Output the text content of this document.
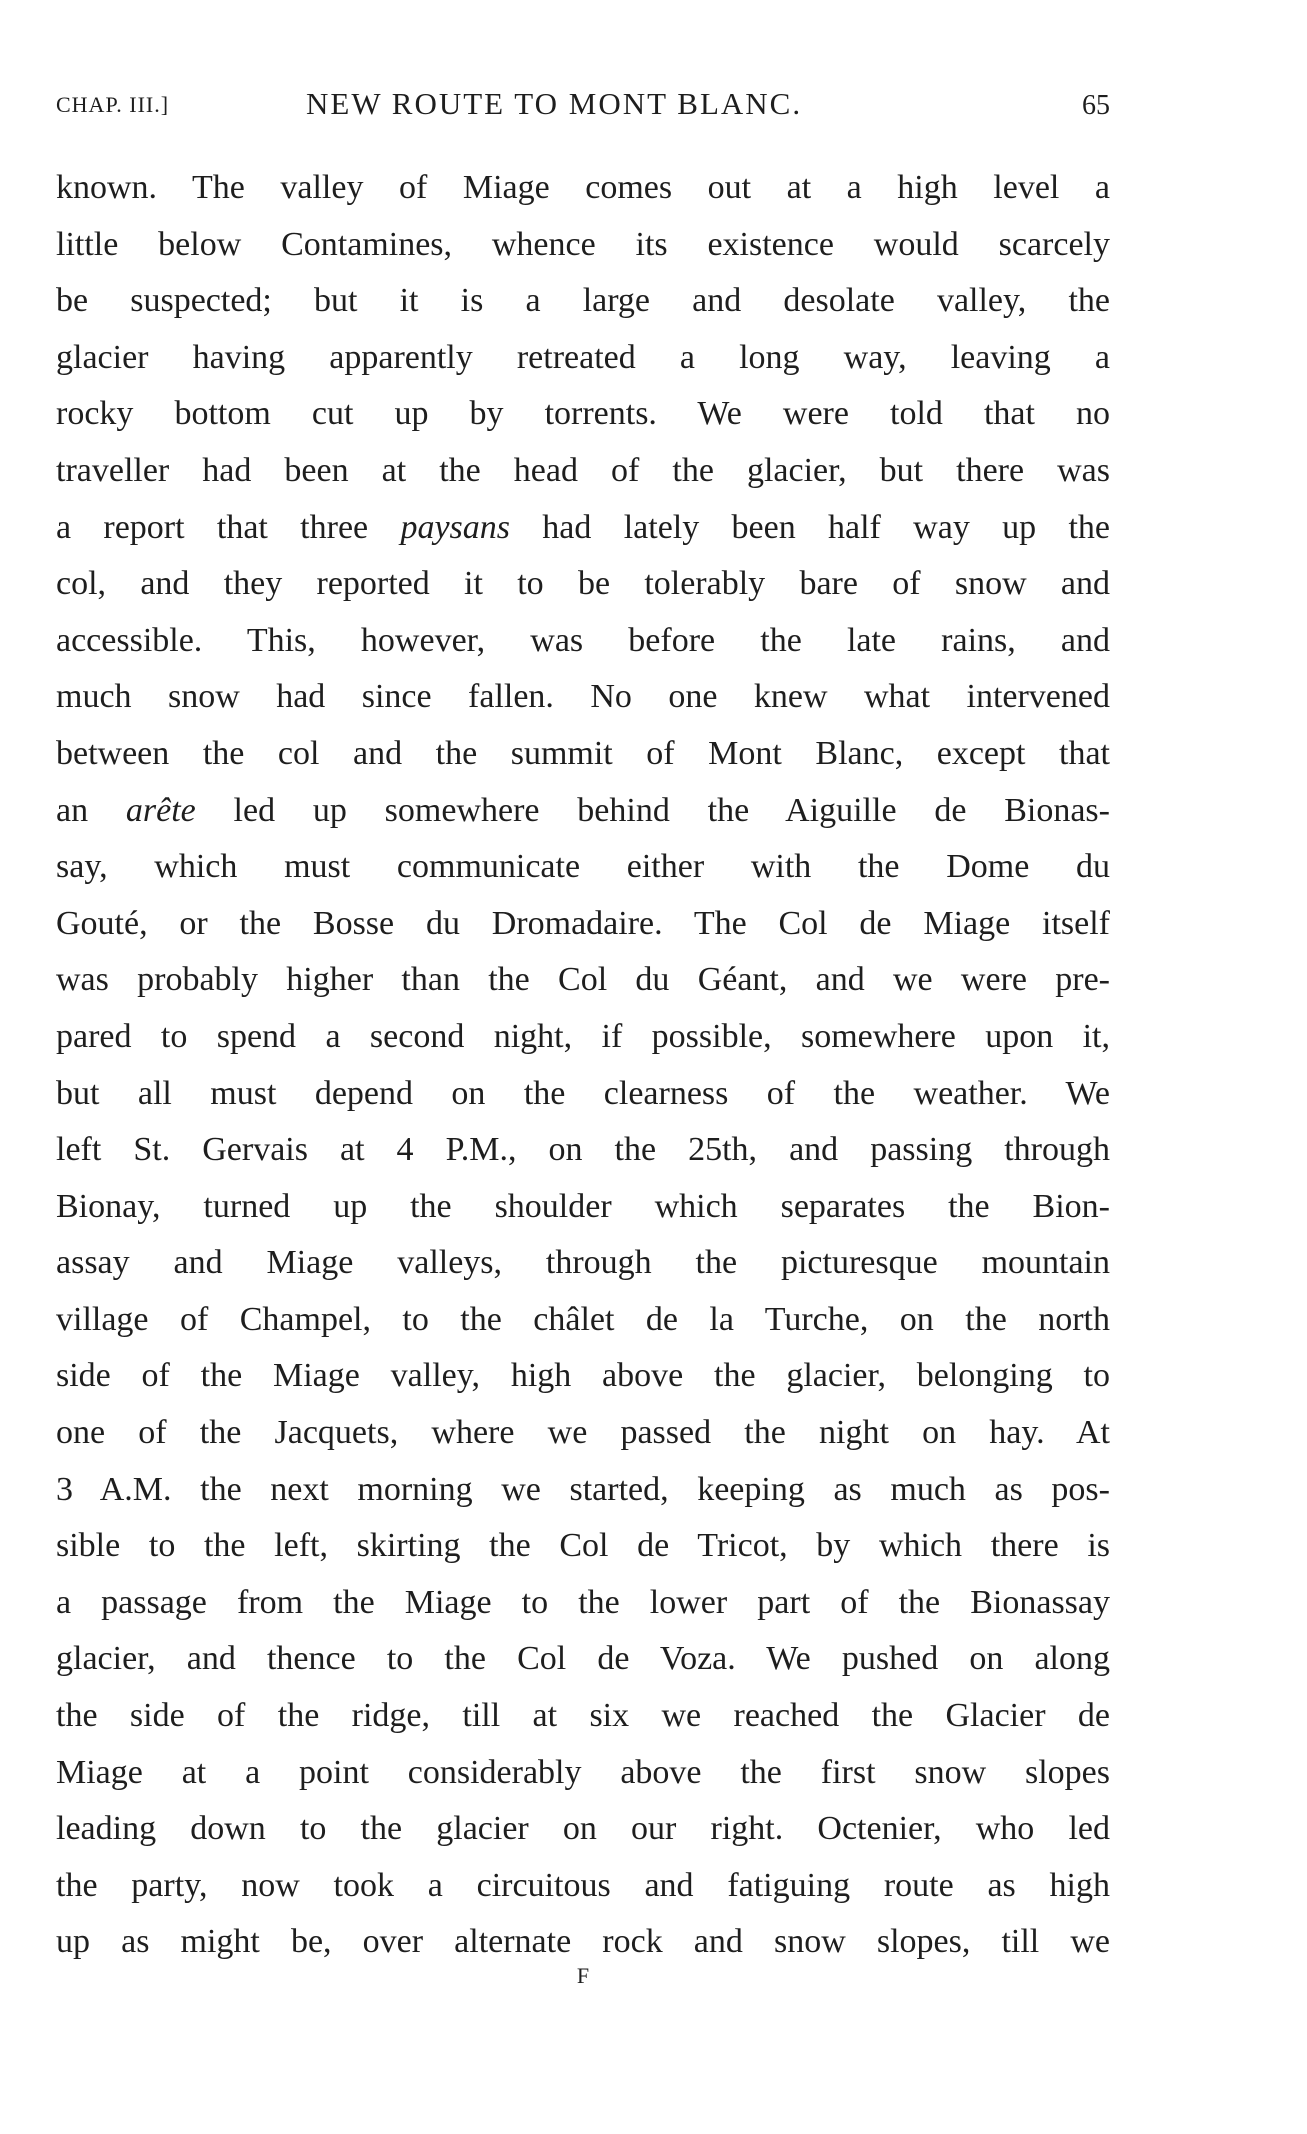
CHAP. III.]	NEW ROUTE TO MONT BLANC.	65
known. The valley of Miage comes out at a high level a
little below Contamines, whence its existence would scarcely
be suspected; but it is a large and desolate valley, the
glacier having apparently retreated a long way, leaving a
rocky bottom cut up by torrents. We were told that no
traveller had been at the head of the glacier, but there was
a report that three paysans had lately been half way up the
col, and they reported it to be tolerably bare of snow and
accessible. This, however, was before the late rains, and
much snow had since fallen. No one knew what intervened
between the col and the summit of Mont Blanc, except that
an arête led up somewhere behind the Aiguille de Bionas-
say, which must communicate either with the Dome du
Gouté, or the Bosse du Dromadaire. The Col de Miage itself
was probably higher than the Col du Géant, and we were pre-
pared to spend a second night, if possible, somewhere upon it,
but all must depend on the clearness of the weather. We
left St. Gervais at 4 P.M., on the 25th, and passing through
Bionay, turned up the shoulder which separates the Bion-
assay and Miage valleys, through the picturesque mountain
village of Champel, to the châlet de la Turche, on the north
side of the Miage valley, high above the glacier, belonging to
one of the Jacquets, where we passed the night on hay. At
3 A.M. the next morning we started, keeping as much as pos-
sible to the left, skirting the Col de Tricot, by which there is
a passage from the Miage to the lower part of the Bionassay
glacier, and thence to the Col de Voza. We pushed on along
the side of the ridge, till at six we reached the Glacier de
Miage at a point considerably above the first snow slopes
leading down to the glacier on our right. Octenier, who led
the party, now took a circuitous and fatiguing route as high
up as might be, over alternate rock and snow slopes, till we
F
